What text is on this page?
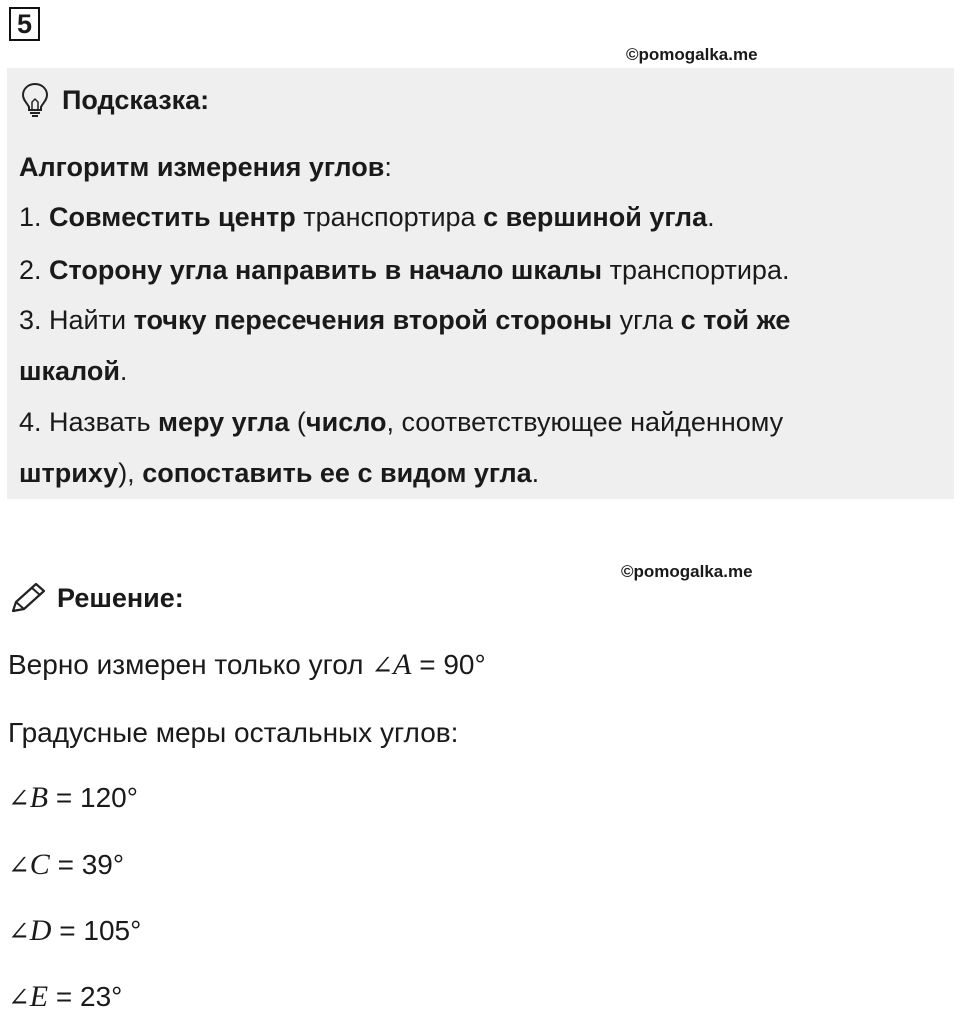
5
©pomogalka.me
Подсказка:
Алгоритм измерения углов:
1. Совместить центр транспортира с вершиной угла.
2. Сторону угла направить в начало шкалы транспортира.
3. Найти точку пересечения второй стороны угла с той же
шкалой.
4. Назвать меру угла (число, соответствующее найденному
штриху), сопоставить ее с видом угла.
©pomogalka.me
Решение:
Верно измерен только угол ∠A = 90°
Градусные меры остальных углов:
∠B = 120°
∠C = 39°
∠D = 105°
∠E = 23°
